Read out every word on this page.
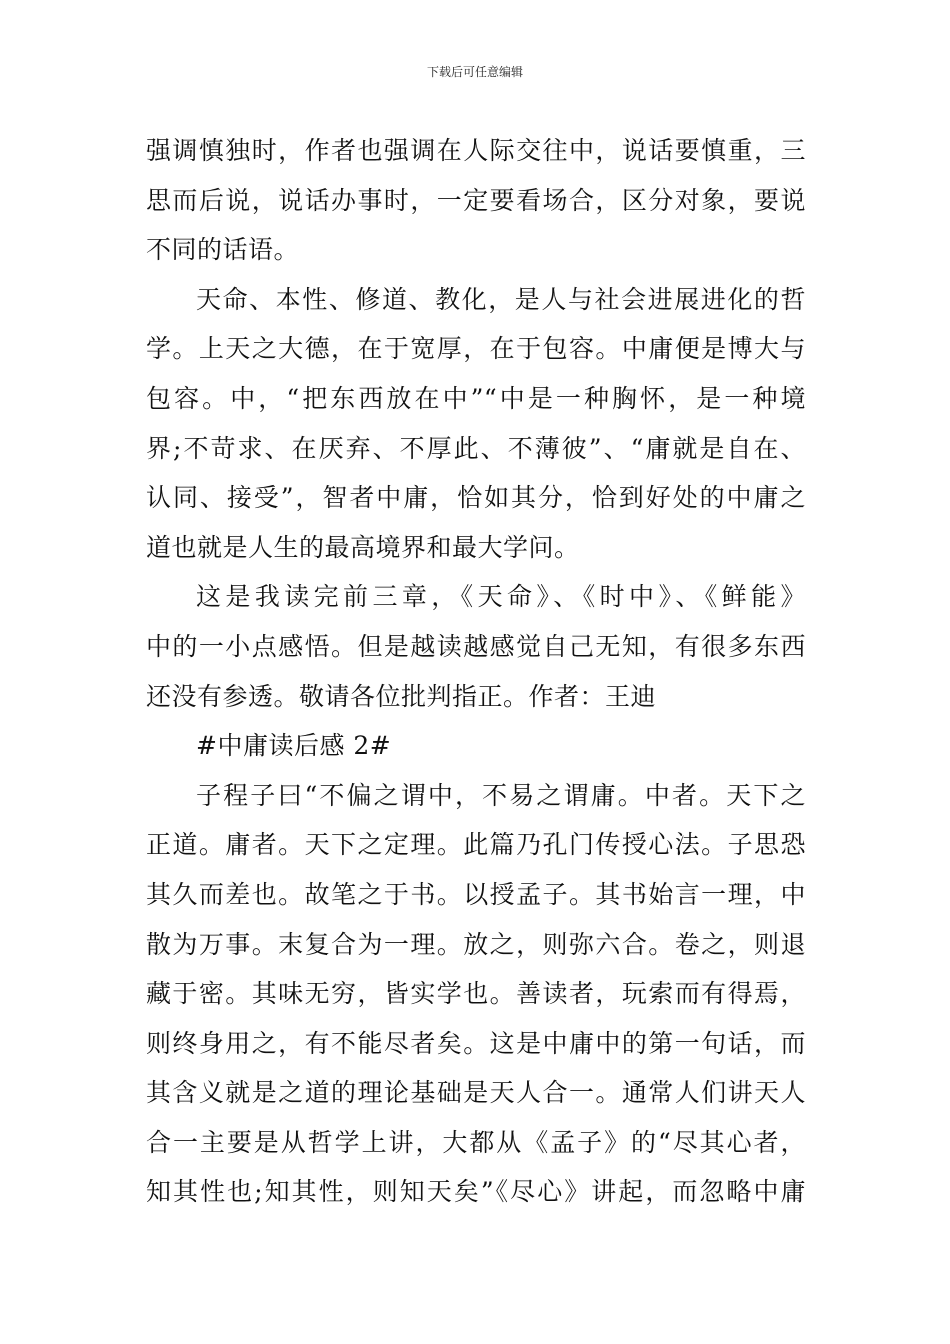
下载后可任意编辑
强调慎独时，作者也强调在人际交往中，说话要慎重，三
思而后说，说话办事时，一定要看场合，区分对象，要说
不同的话语。
天命、本性、修道、教化，是人与社会进展进化的哲
学。上天之大德，在于宽厚，在于包容。中庸便是博大与
包容。中，“把东西放在中”“中是一种胸怀，是一种境
界;不苛求、在厌弃、不厚此、不薄彼”、“庸就是自在、
认同、接受”，智者中庸，恰如其分，恰到好处的中庸之
道也就是人生的最高境界和最大学问。
这是我读完前三章，《天命》、《时中》、《鲜能》
中的一小点感悟。但是越读越感觉自己无知，有很多东西
还没有参透。敬请各位批判指正。作者：王迪
#中庸读后感 2#
子程子曰“不偏之谓中，不易之谓庸。中者。天下之
正道。庸者。天下之定理。此篇乃孔门传授心法。子思恐
其久而差也。故笔之于书。以授孟子。其书始言一理，中
散为万事。末复合为一理。放之，则弥六合。卷之，则退
藏于密。其味无穷，皆实学也。善读者，玩索而有得焉，
则终身用之，有不能尽者矣。这是中庸中的第一句话，而
其含义就是之道的理论基础是天人合一。通常人们讲天人
合一主要是从哲学上讲，大都从《孟子》的“尽其心者，
知其性也;知其性，则知天矣”《尽心》讲起，而忽略中庸
